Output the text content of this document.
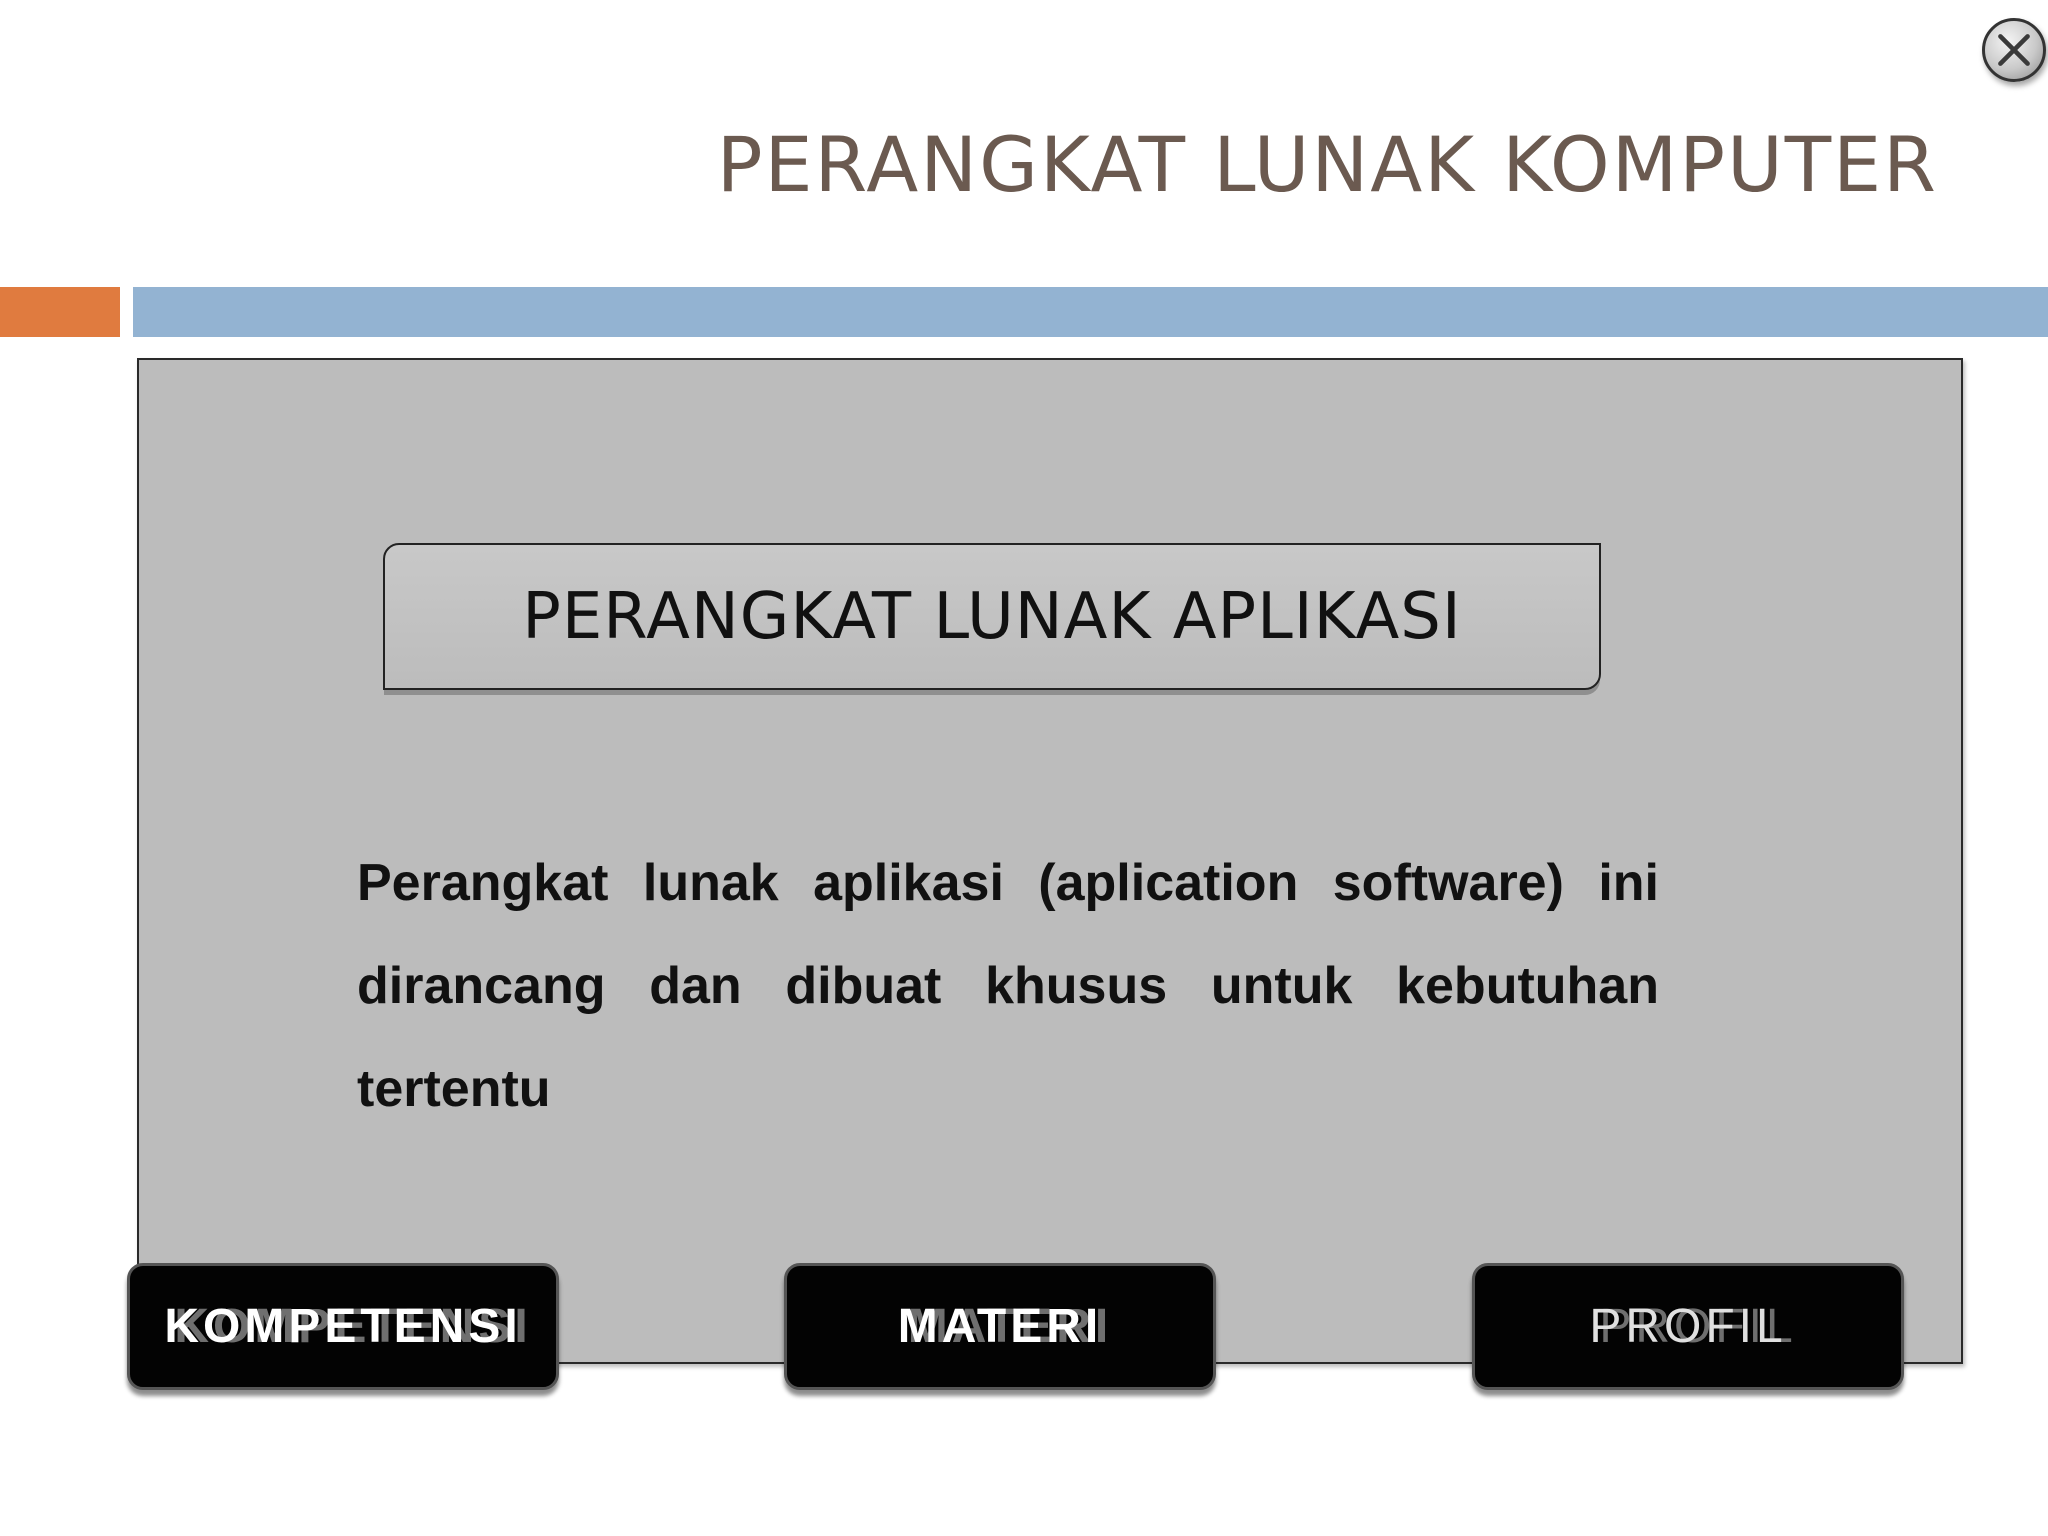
PERANGKAT LUNAK KOMPUTER
PERANGKAT LUNAK APLIKASI

Perangkat lunak aplikasi (aplication software) ini dirancang dan dibuat khusus untuk kebutuhan tertentu

KOMPETENSI	MATERI	PROFIL
